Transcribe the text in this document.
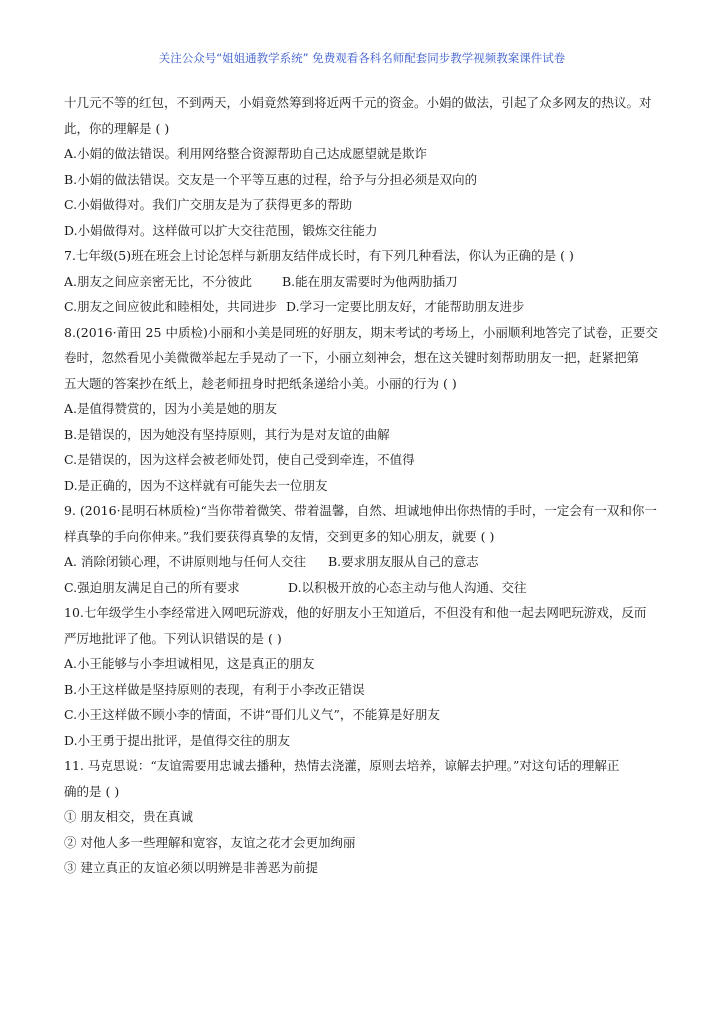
关注公众号“姐姐通教学系统” 免费观看各科名师配套同步教学视频教案课件试卷
十几元不等的红包，不到两天，小娟竟然筹到将近两千元的资金。小娟的做法，引起了众多网友的热议。对
此，你的理解是 ( )
A.小娟的做法错误。利用网络整合资源帮助自己达成愿望就是欺诈
B.小娟的做法错误。交友是一个平等互惠的过程，给予与分担必须是双向的
C.小娟做得对。我们广交朋友是为了获得更多的帮助
D.小娟做得对。这样做可以扩大交往范围，锻炼交往能力
7.七年级(5)班在班会上讨论怎样与新朋友结伴成长时，有下列几种看法，你认为正确的是 ( )
A.朋友之间应亲密无比，不分彼此	B.能在朋友需要时为他两肋插刀
C.朋友之间应彼此和睦相处，共同进步 D.学习一定要比朋友好，才能帮助朋友进步
8.(2016·莆田 25 中质检)小丽和小美是同班的好朋友，期末考试的考场上，小丽顺利地答完了试卷，正要交
卷时，忽然看见小美微微举起左手晃动了一下，小丽立刻神会，想在这关键时刻帮助朋友一把，赶紧把第
五大题的答案抄在纸上，趁老师扭身时把纸条递给小美。小丽的行为 ( )
A.是值得赞赏的，因为小美是她的朋友
B.是错误的，因为她没有坚持原则，其行为是对友谊的曲解
C.是错误的，因为这样会被老师处罚，使自己受到牵连，不值得
D.是正确的，因为不这样就有可能失去一位朋友
9. (2016·昆明石林质检)“当你带着微笑、带着温馨，自然、坦诚地伸出你热情的手时，一定会有一双和你一
样真挚的手向你伸来。”我们要获得真挚的友情，交到更多的知心朋友，就要 ( )
A. 消除闭锁心理，不讲原则地与任何人交往	B.要求朋友服从自己的意志
C.强迫朋友满足自己的所有要求	D.以积极开放的心态主动与他人沟通、交往
10.七年级学生小李经常进入网吧玩游戏，他的好朋友小王知道后，不但没有和他一起去网吧玩游戏，反而
严厉地批评了他。下列认识错误的是 ( )
A.小王能够与小李坦诚相见，这是真正的朋友
B.小王这样做是坚持原则的表现，有利于小李改正错误
C.小王这样做不顾小李的情面，不讲“哥们儿义气”，不能算是好朋友
D.小王勇于提出批评，是值得交往的朋友
11. 马克思说：“友谊需要用忠诚去播种，热情去浇灌，原则去培养，谅解去护理。”对这句话的理解正
确的是 ( )
① 朋友相交，贵在真诚
② 对他人多一些理解和宽容，友谊之花才会更加绚丽
③ 建立真正的友谊必须以明辨是非善恶为前提
